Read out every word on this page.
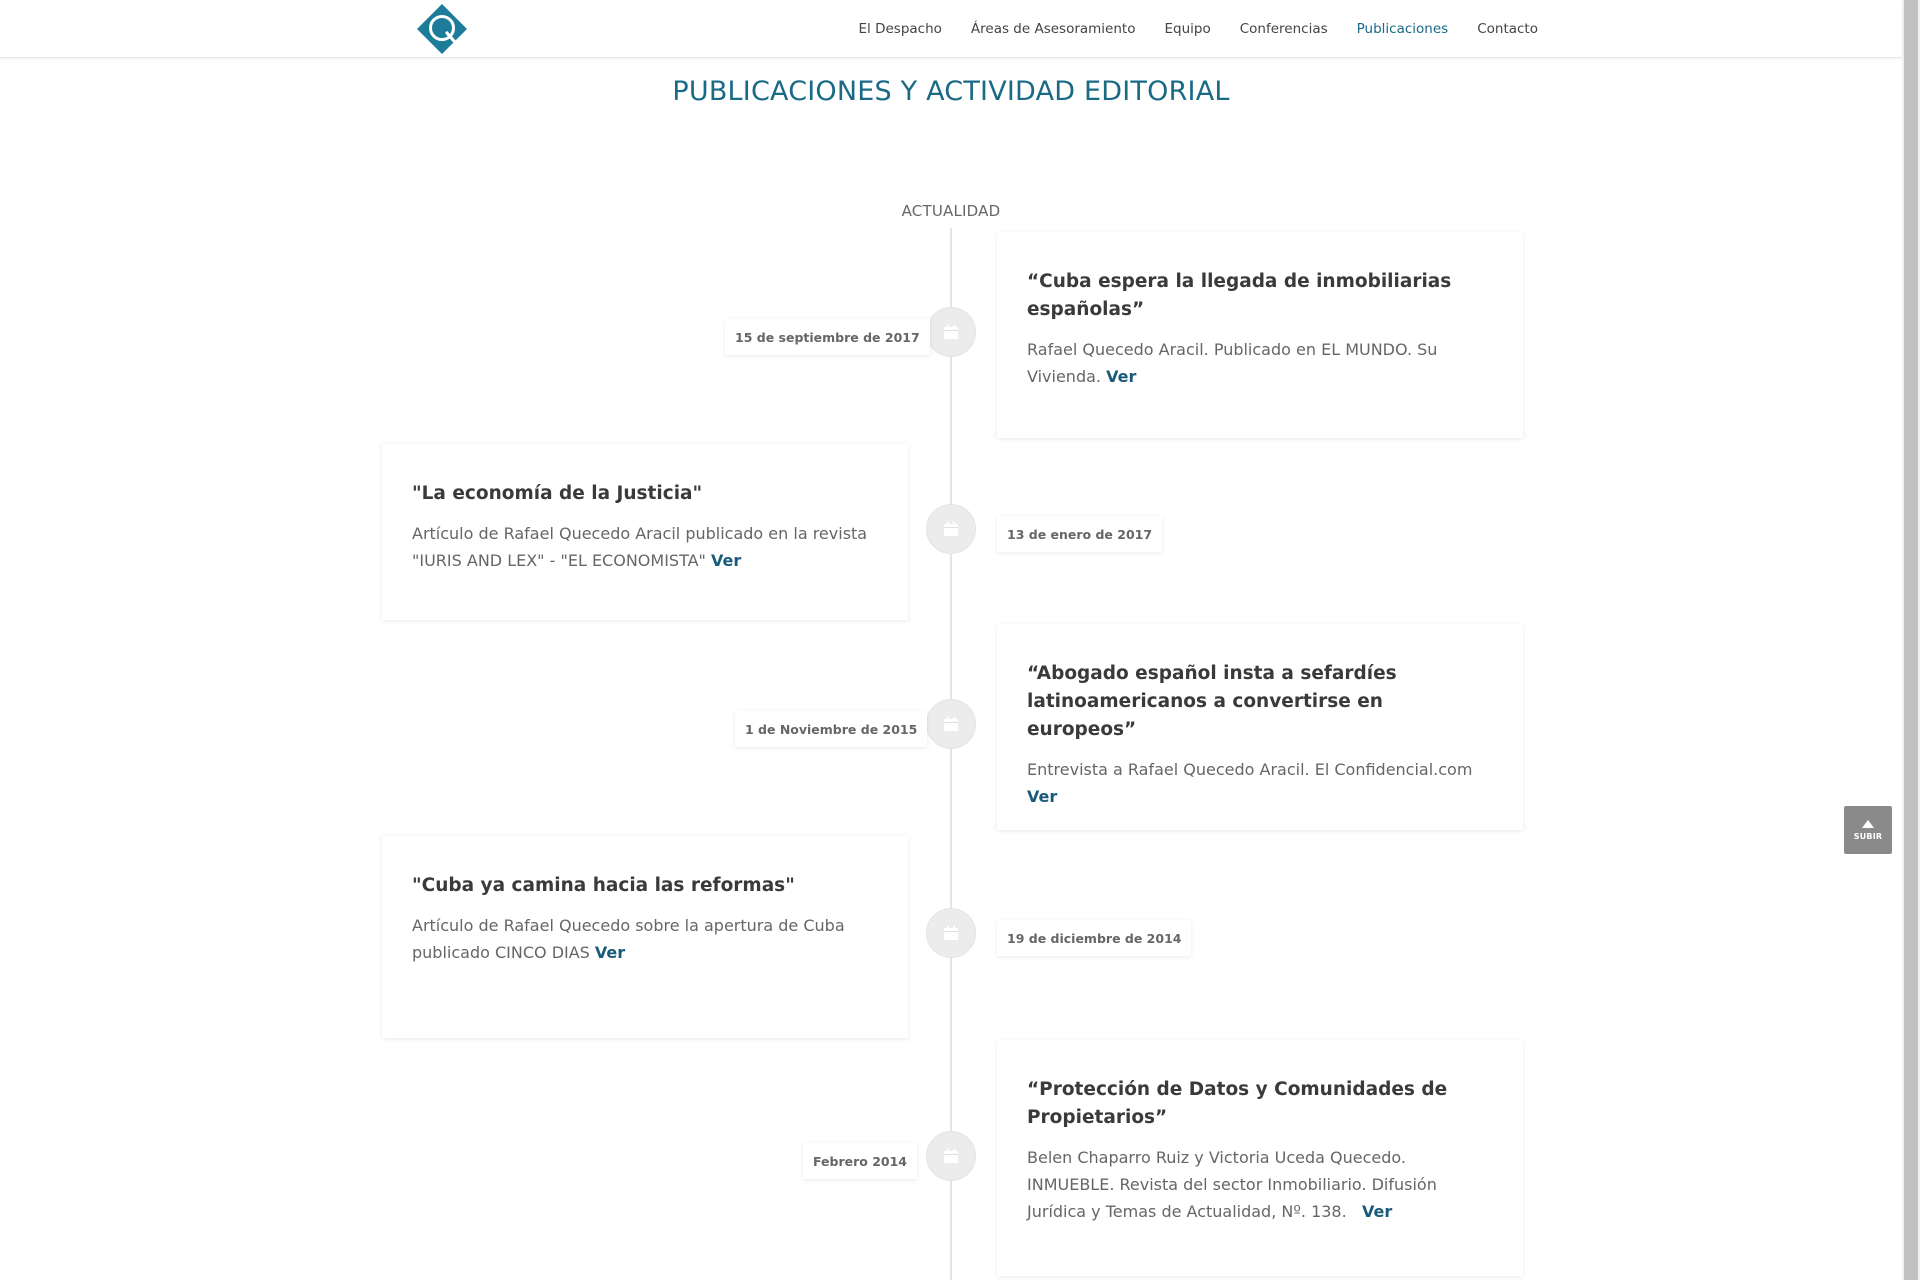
El Despacho Áreas de Asesoramiento Equipo Conferencias Publicaciones Contacto
PUBLICACIONES Y ACTIVIDAD EDITORIAL
ACTUALIDAD
15 de septiembre de 2017
“Cuba espera la llegada de inmobiliarias españolas”
Rafael Quecedo Aracil. Publicado en EL MUNDO. Su Vivienda. Ver
13 de enero de 2017
"La economía de la Justicia"
Artículo de Rafael Quecedo Aracil publicado en la revista "IURIS AND LEX" - "EL ECONOMISTA" Ver
1 de Noviembre de 2015
“Abogado español insta a sefardíes latinoamericanos a convertirse en europeos”
Entrevista a Rafael Quecedo Aracil. El Confidencial.com Ver
19 de diciembre de 2014
"Cuba ya camina hacia las reformas"
Artículo de Rafael Quecedo sobre la apertura de Cuba publicado CINCO DIAS Ver
Febrero 2014
“Protección de Datos y Comunidades de Propietarios”
Belen Chaparro Ruiz y Victoria Uceda Quecedo. INMUEBLE. Revista del sector Inmobiliario. Difusión Jurídica y Temas de Actualidad, Nº. 138. Ver
SUBIR
